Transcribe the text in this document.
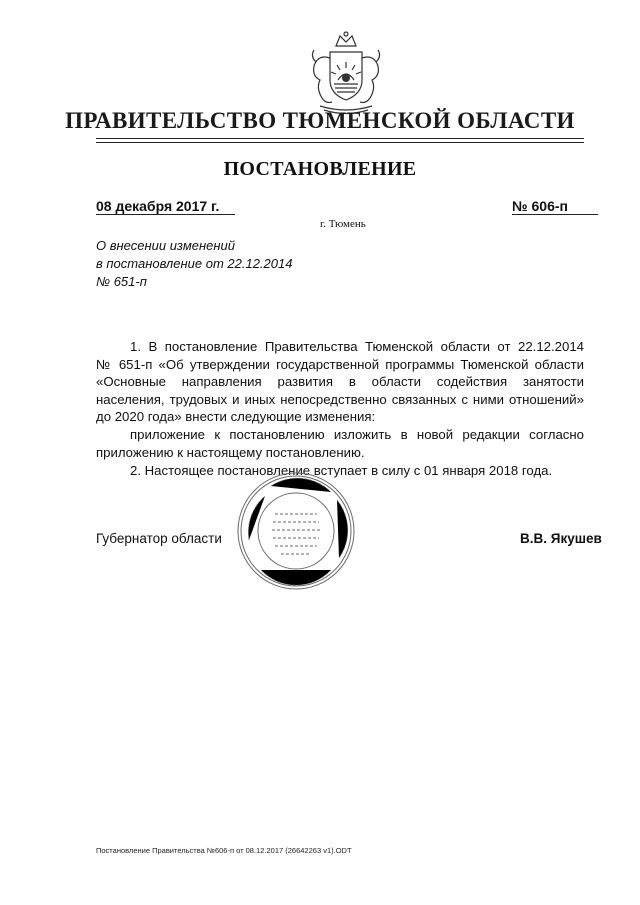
ПРАВИТЕЛЬСТВО ТЮМЕНСКОЙ ОБЛАСТИ
ПОСТАНОВЛЕНИЕ
08 декабря 2017 г.	№ 606-п
г. Тюмень
О внесении изменений
в постановление от 22.12.2014
№ 651-п
1. В постановление Правительства Тюменской области от 22.12.2014
№ 651-п «Об утверждении государственной программы Тюменской области
«Основные направления развития в области содействия занятости
населения, трудовых и иных непосредственно связанных с ними отношений»
до 2020 года» внести следующие изменения:
приложение к постановлению изложить в новой редакции согласно
приложению к настоящему постановлению.
2. Настоящее постановление вступает в силу с 01 января 2018 года.
Губернатор области	В.В. Якушев
Постановление Правительства №606-п от 08.12.2017 (26642263 v1).ODT
